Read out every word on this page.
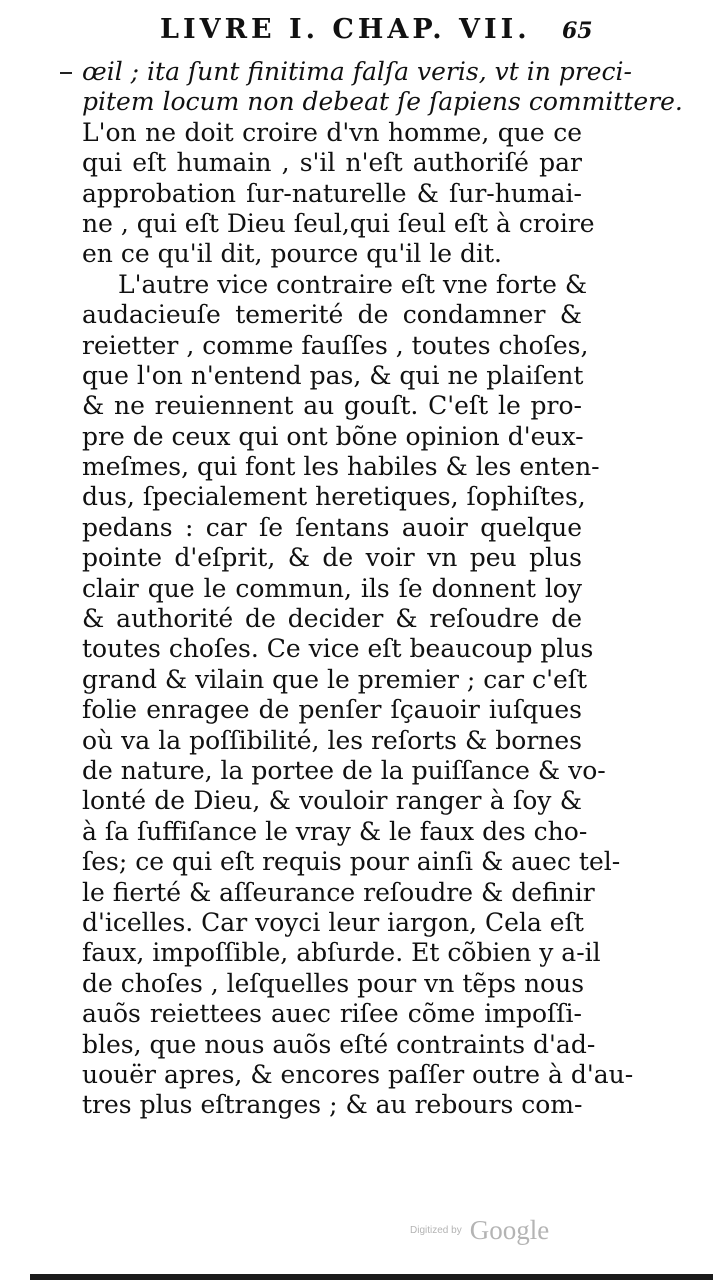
LIVRE I. CHAP. VII.	65
œil ; ita ſunt finitima falſa veris, vt in preci-
pitem locum non debeat ſe ſapiens committere.
L'on ne doit croire d'vn homme, que ce
qui eſt humain , s'il n'eſt authoriſé par
approbation ſur-naturelle & ſur-humai-
ne , qui eſt Dieu ſeul,qui ſeul eſt à croire
en ce qu'il dit, pource qu'il le dit.
L'autre vice contraire eſt vne forte &
audacieuſe temerité de condamner &
reietter , comme fauſſes , toutes choſes,
que l'on n'entend pas, & qui ne plaiſent
& ne reuiennent au gouſt. C'eſt le pro-
pre de ceux qui ont bõne opinion d'eux-
meſmes, qui font les habiles & les enten-
dus, ſpecialement heretiques, ſophiſtes,
pedans : car ſe ſentans auoir quelque
pointe d'eſprit, & de voir vn peu plus
clair que le commun, ils ſe donnent loy
& authorité de decider & reſoudre de
toutes choſes. Ce vice eſt beaucoup plus
grand & vilain que le premier ; car c'eſt
folie enragee de penſer ſçauoir iuſques
où va la poſſibilité, les reſorts & bornes
de nature, la portee de la puiſſance & vo-
lonté de Dieu, & vouloir ranger à ſoy &
à ſa ſuffiſance le vray & le faux des cho-
ſes; ce qui eſt requis pour ainſi & auec tel-
le fierté & aſſeurance reſoudre & definir
d'icelles. Car voyci leur iargon, Cela eſt
faux, impoſſible, abſurde. Et cõbien y a-il
de choſes , leſquelles pour vn tẽps nous
auõs reiettees auec riſee cõme impoſſi-
bles, que nous auõs eſté contraints d'ad-
uouër apres, & encores paſſer outre à d'au-
tres plus eſtranges ; & au rebours com-
Digitized by Google
